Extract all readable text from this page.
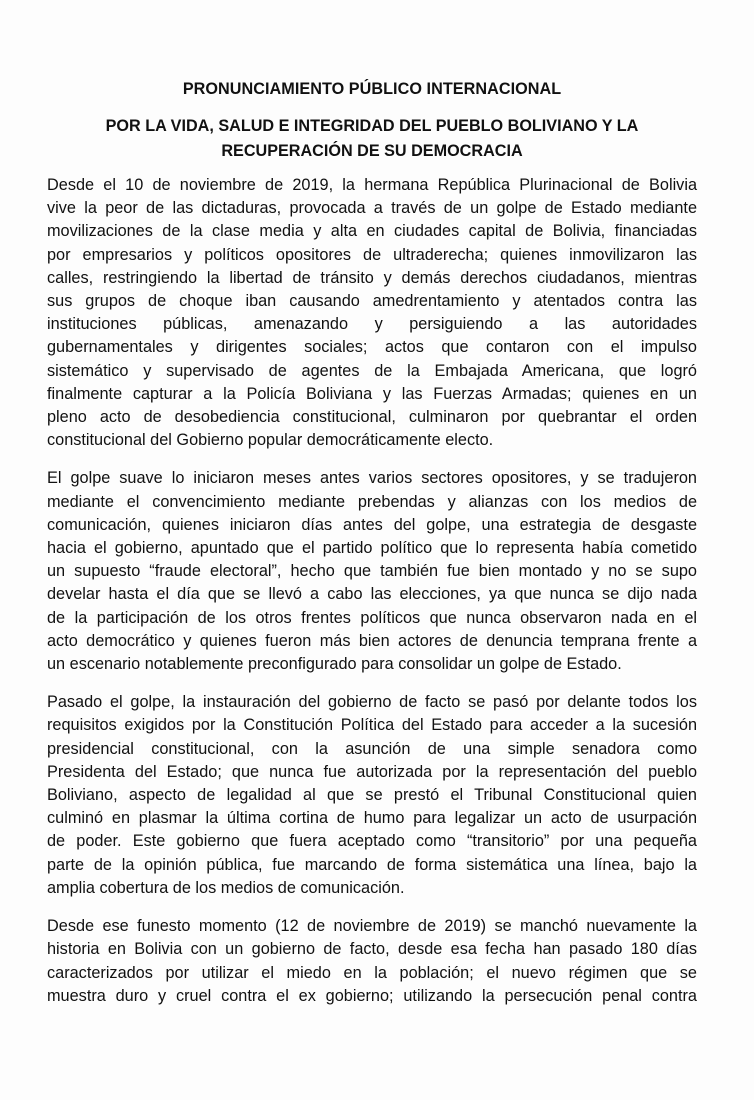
PRONUNCIAMIENTO PÚBLICO INTERNACIONAL
POR LA VIDA, SALUD E INTEGRIDAD DEL PUEBLO BOLIVIANO Y LA
RECUPERACIÓN DE SU DEMOCRACIA

Desde el 10 de noviembre de 2019, la hermana República Plurinacional de Bolivia
vive la peor de las dictaduras, provocada a través de un golpe de Estado mediante
movilizaciones de la clase media y alta en ciudades capital de Bolivia, financiadas
por empresarios y políticos opositores de ultraderecha; quienes inmovilizaron las
calles, restringiendo la libertad de tránsito y demás derechos ciudadanos, mientras
sus grupos de choque iban causando amedrentamiento y atentados contra las
instituciones públicas, amenazando y persiguiendo a las autoridades
gubernamentales y dirigentes sociales; actos que contaron con el impulso
sistemático y supervisado de agentes de la Embajada Americana, que logró
finalmente capturar a la Policía Boliviana y las Fuerzas Armadas; quienes en un
pleno acto de desobediencia constitucional, culminaron por quebrantar el orden
constitucional del Gobierno popular democráticamente electo.

El golpe suave lo iniciaron meses antes varios sectores opositores, y se tradujeron
mediante el convencimiento mediante prebendas y alianzas con los medios de
comunicación, quienes iniciaron días antes del golpe, una estrategia de desgaste
hacia el gobierno, apuntado que el partido político que lo representa había cometido
un supuesto “fraude electoral”, hecho que también fue bien montado y no se supo
develar hasta el día que se llevó a cabo las elecciones, ya que nunca se dijo nada
de la participación de los otros frentes políticos que nunca observaron nada en el
acto democrático y quienes fueron más bien actores de denuncia temprana frente a
un escenario notablemente preconfigurado para consolidar un golpe de Estado.

Pasado el golpe, la instauración del gobierno de facto se pasó por delante todos los
requisitos exigidos por la Constitución Política del Estado para acceder a la sucesión
presidencial constitucional, con la asunción de una simple senadora como
Presidenta del Estado; que nunca fue autorizada por la representación del pueblo
Boliviano, aspecto de legalidad al que se prestó el Tribunal Constitucional quien
culminó en plasmar la última cortina de humo para legalizar un acto de usurpación
de poder. Este gobierno que fuera aceptado como “transitorio” por una pequeña
parte de la opinión pública, fue marcando de forma sistemática una línea, bajo la
amplia cobertura de los medios de comunicación.

Desde ese funesto momento (12 de noviembre de 2019) se manchó nuevamente la
historia en Bolivia con un gobierno de facto, desde esa fecha han pasado 180 días
caracterizados por utilizar el miedo en la población; el nuevo régimen que se
muestra duro y cruel contra el ex gobierno; utilizando la persecución penal contra
